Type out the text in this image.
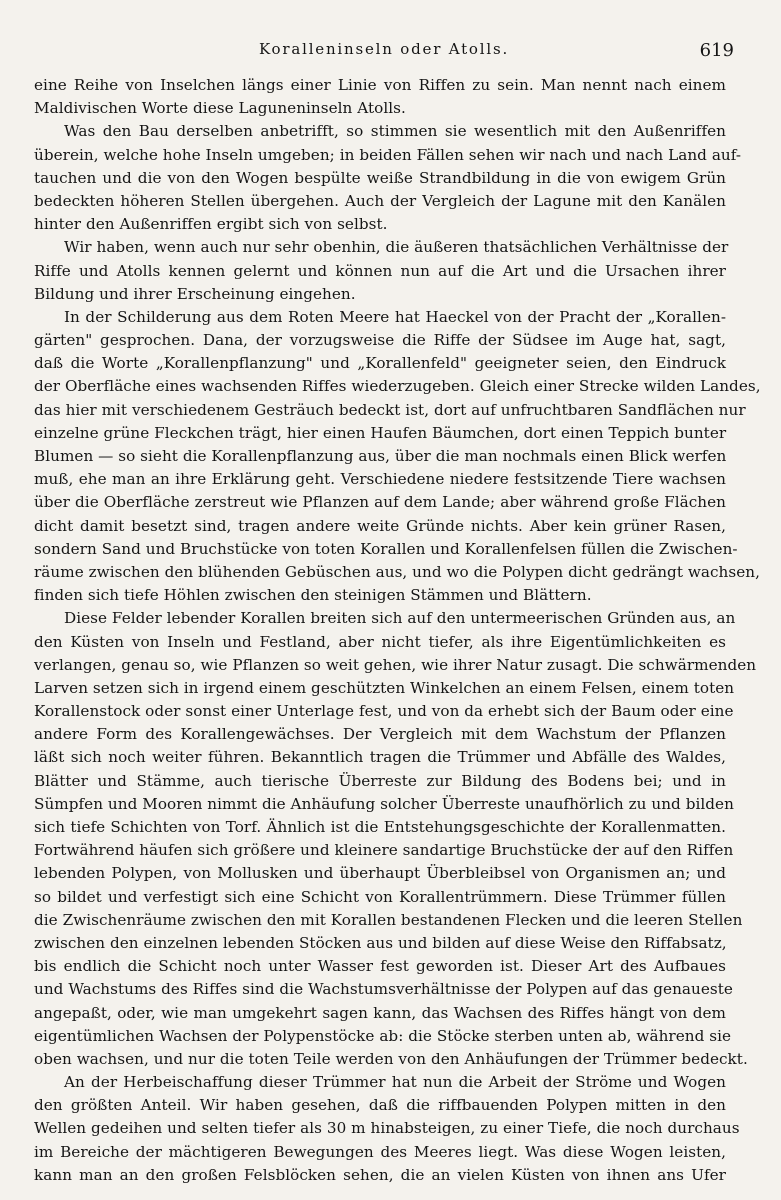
Koralleninseln oder Atolls.	619
eine Reihe von Inselchen längs einer Linie von Riffen zu sein. Man nennt nach einem
Maldivischen Worte diese Laguneninseln Atolls.
Was den Bau derselben anbetrifft, so stimmen sie wesentlich mit den Außenriffen
überein, welche hohe Inseln umgeben; in beiden Fällen sehen wir nach und nach Land auf-
tauchen und die von den Wogen bespülte weiße Strandbildung in die von ewigem Grün
bedeckten höheren Stellen übergehen. Auch der Vergleich der Lagune mit den Kanälen
hinter den Außenriffen ergibt sich von selbst.
Wir haben, wenn auch nur sehr obenhin, die äußeren thatsächlichen Verhältnisse der
Riffe und Atolls kennen gelernt und können nun auf die Art und die Ursachen ihrer
Bildung und ihrer Erscheinung eingehen.
In der Schilderung aus dem Roten Meere hat Haeckel von der Pracht der „Korallen-
gärten" gesprochen. Dana, der vorzugsweise die Riffe der Südsee im Auge hat, sagt,
daß die Worte „Korallenpflanzung" und „Korallenfeld" geeigneter seien, den Eindruck
der Oberfläche eines wachsenden Riffes wiederzugeben. Gleich einer Strecke wilden Landes,
das hier mit verschiedenem Gesträuch bedeckt ist, dort auf unfruchtbaren Sandflächen nur
einzelne grüne Fleckchen trägt, hier einen Haufen Bäumchen, dort einen Teppich bunter
Blumen — so sieht die Korallenpflanzung aus, über die man nochmals einen Blick werfen
muß, ehe man an ihre Erklärung geht. Verschiedene niedere festsitzende Tiere wachsen
über die Oberfläche zerstreut wie Pflanzen auf dem Lande; aber während große Flächen
dicht damit besetzt sind, tragen andere weite Gründe nichts. Aber kein grüner Rasen,
sondern Sand und Bruchstücke von toten Korallen und Korallenfelsen füllen die Zwischen-
räume zwischen den blühenden Gebüschen aus, und wo die Polypen dicht gedrängt wachsen,
finden sich tiefe Höhlen zwischen den steinigen Stämmen und Blättern.
Diese Felder lebender Korallen breiten sich auf den untermeerischen Gründen aus, an
den Küsten von Inseln und Festland, aber nicht tiefer, als ihre Eigentümlichkeiten es
verlangen, genau so, wie Pflanzen so weit gehen, wie ihrer Natur zusagt. Die schwärmenden
Larven setzen sich in irgend einem geschützten Winkelchen an einem Felsen, einem toten
Korallenstock oder sonst einer Unterlage fest, und von da erhebt sich der Baum oder eine
andere Form des Korallengewächses. Der Vergleich mit dem Wachstum der Pflanzen
läßt sich noch weiter führen. Bekanntlich tragen die Trümmer und Abfälle des Waldes,
Blätter und Stämme, auch tierische Überreste zur Bildung des Bodens bei; und in
Sümpfen und Mooren nimmt die Anhäufung solcher Überreste unaufhörlich zu und bilden
sich tiefe Schichten von Torf. Ähnlich ist die Entstehungsgeschichte der Korallenmatten.
Fortwährend häufen sich größere und kleinere sandartige Bruchstücke der auf den Riffen
lebenden Polypen, von Mollusken und überhaupt Überbleibsel von Organismen an; und
so bildet und verfestigt sich eine Schicht von Korallentrümmern. Diese Trümmer füllen
die Zwischenräume zwischen den mit Korallen bestandenen Flecken und die leeren Stellen
zwischen den einzelnen lebenden Stöcken aus und bilden auf diese Weise den Riffabsatz,
bis endlich die Schicht noch unter Wasser fest geworden ist. Dieser Art des Aufbaues
und Wachstums des Riffes sind die Wachstumsverhältnisse der Polypen auf das genaueste
angepaßt, oder, wie man umgekehrt sagen kann, das Wachsen des Riffes hängt von dem
eigentümlichen Wachsen der Polypenstöcke ab: die Stöcke sterben unten ab, während sie
oben wachsen, und nur die toten Teile werden von den Anhäufungen der Trümmer bedeckt.
An der Herbeischaffung dieser Trümmer hat nun die Arbeit der Ströme und Wogen
den größten Anteil. Wir haben gesehen, daß die riffbauenden Polypen mitten in den
Wellen gedeihen und selten tiefer als 30 m hinabsteigen, zu einer Tiefe, die noch durchaus
im Bereiche der mächtigeren Bewegungen des Meeres liegt. Was diese Wogen leisten,
kann man an den großen Felsblöcken sehen, die an vielen Küsten von ihnen ans Ufer
